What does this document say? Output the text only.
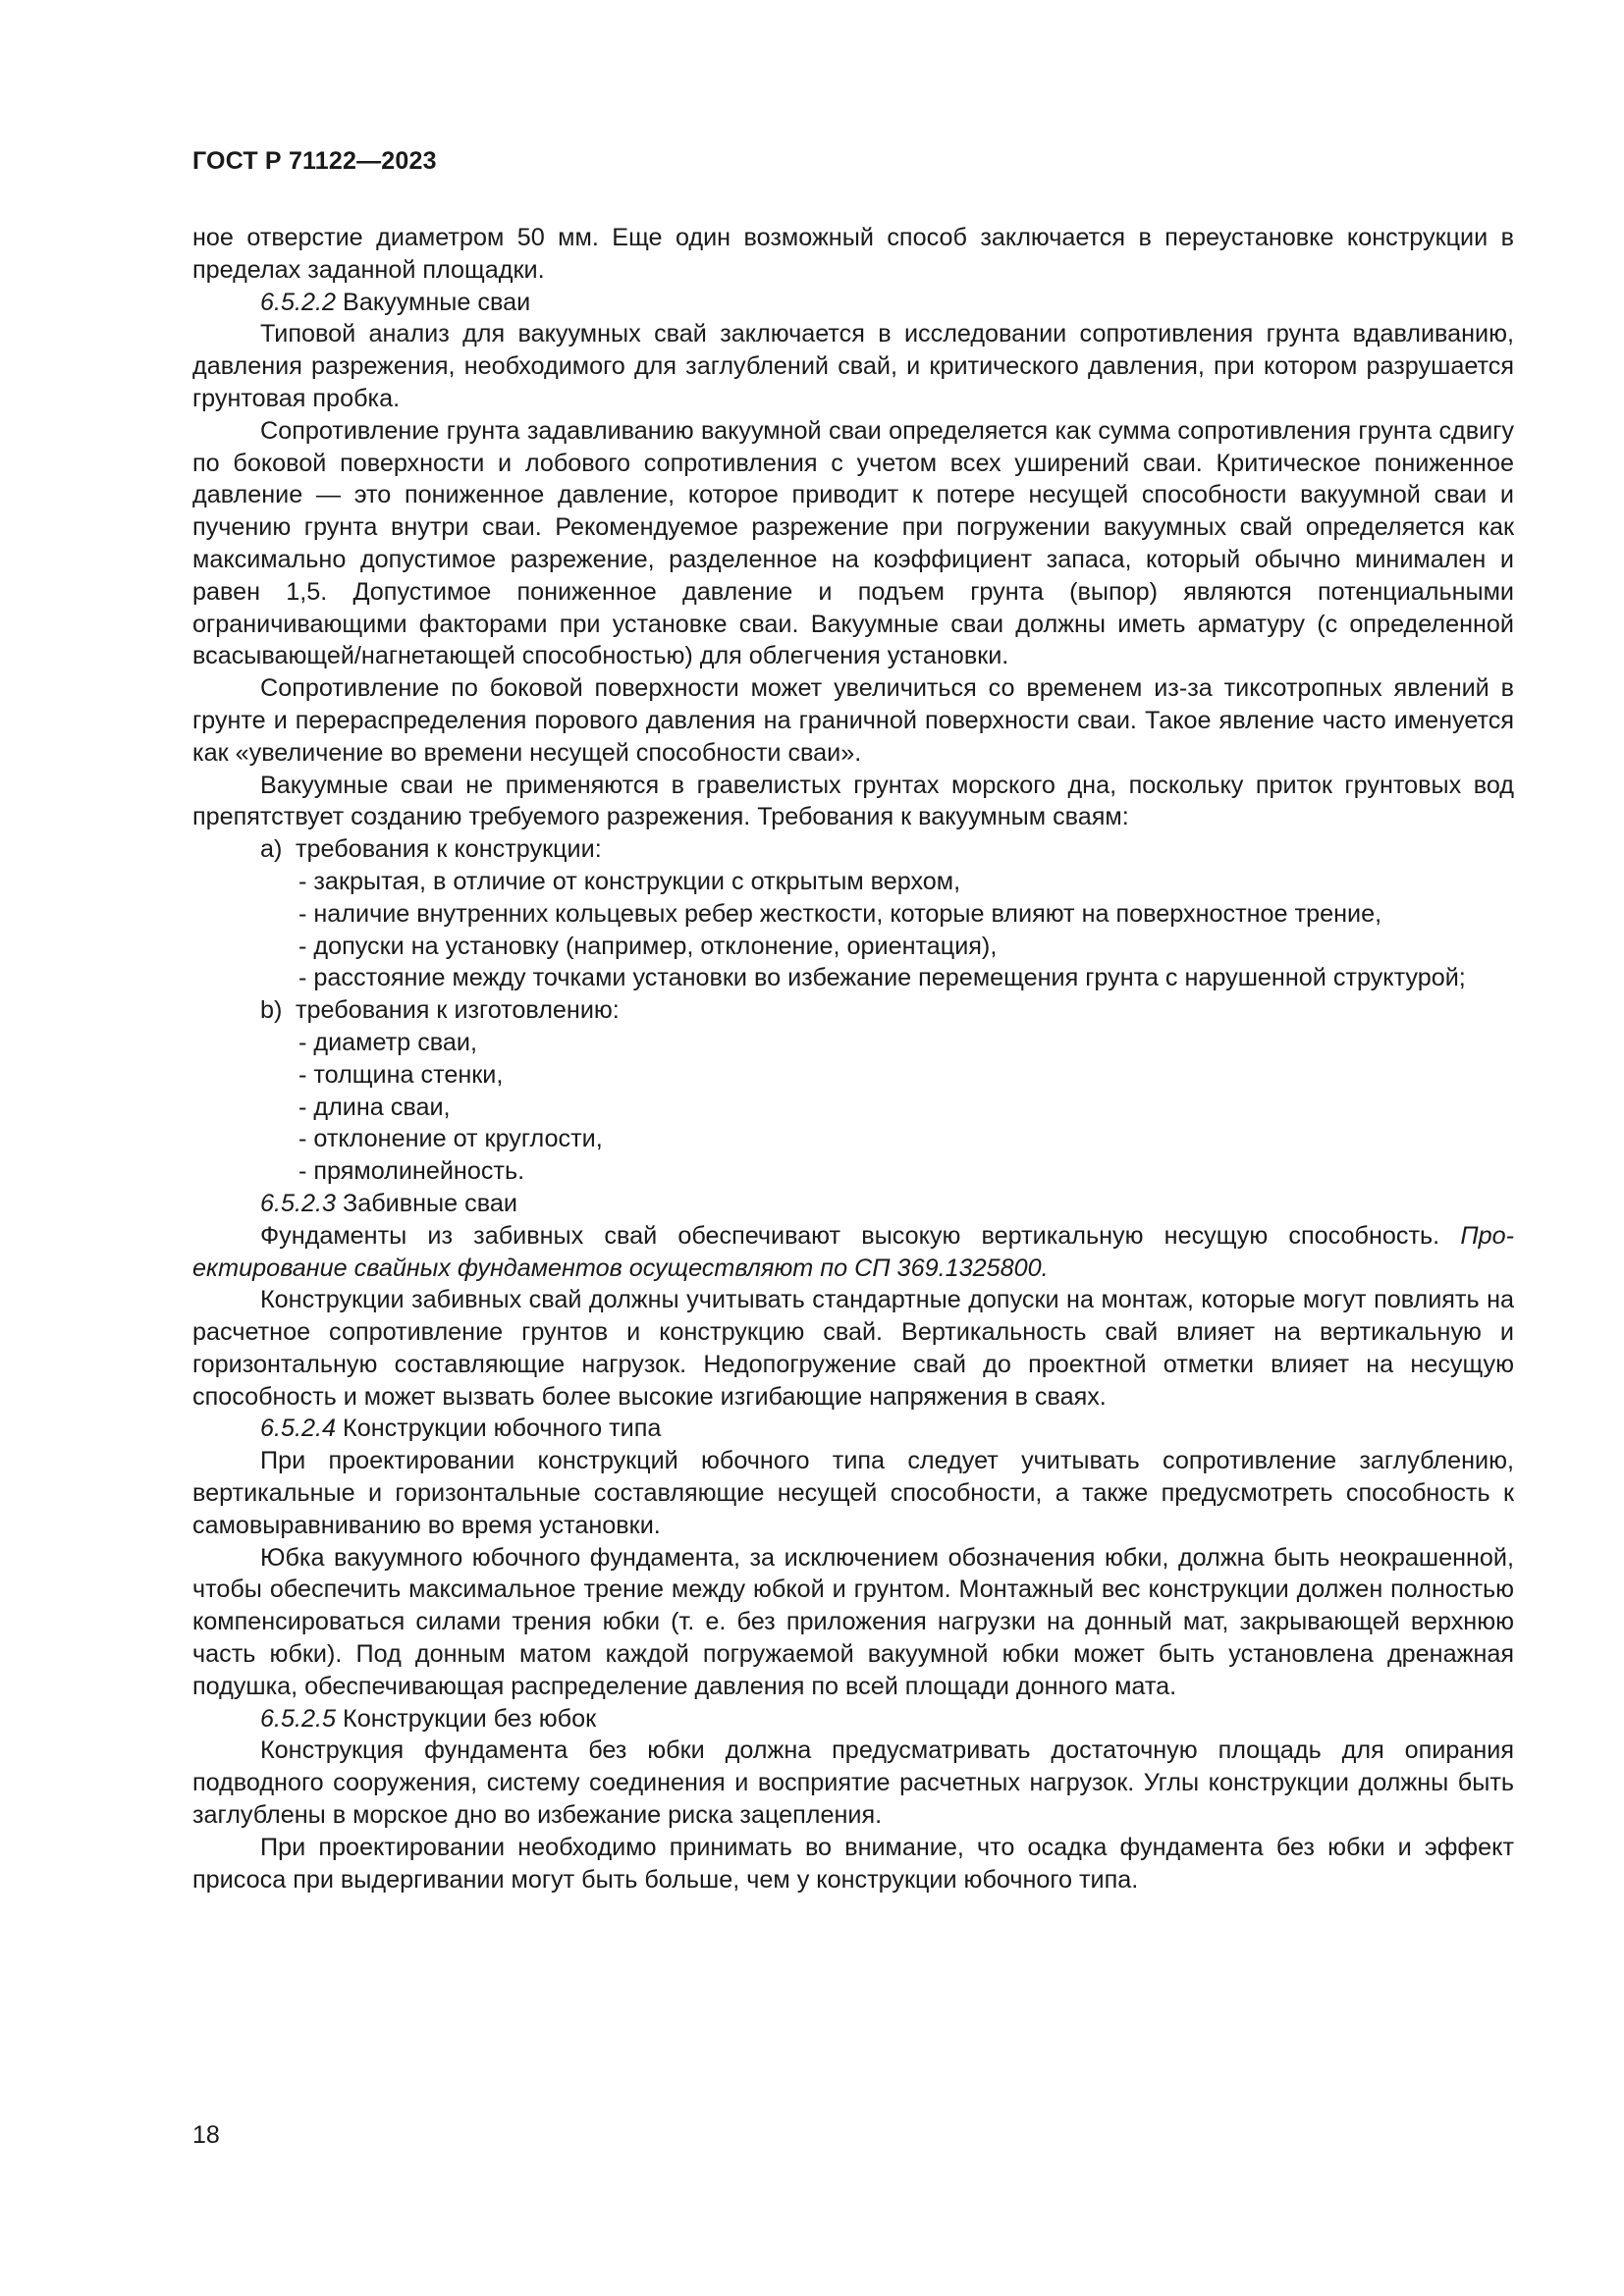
ГОСТ Р 71122—2023

ное отверстие диаметром 50 мм. Еще один возможный способ заключается в переустановке конструкции в пределах заданной площадки.

6.5.2.2 Вакуумные сваи

Типовой анализ для вакуумных свай заключается в исследовании сопротивления грунта вдавливанию, давления разрежения, необходимого для заглублений свай, и критического давления, при котором разрушается грунтовая пробка.

Сопротивление грунта задавливанию вакуумной сваи определяется как сумма сопротивления грунта сдвигу по боковой поверхности и лобового сопротивления с учетом всех уширений сваи. Критическое пониженное давление — это пониженное давление, которое приводит к потере несущей способности вакуумной сваи и пучению грунта внутри сваи. Рекомендуемое разрежение при погружении вакуумных свай определяется как максимально допустимое разрежение, разделенное на коэффициент запаса, который обычно минимален и равен 1,5. Допустимое пониженное давление и подъем грунта (выпор) являются потенциальными ограничивающими факторами при установке сваи. Вакуумные сваи должны иметь арматуру (с определенной всасывающей/нагнетающей способностью) для облегчения установки.

Сопротивление по боковой поверхности может увеличиться со временем из-за тиксотропных явлений в грунте и перераспределения порового давления на граничной поверхности сваи. Такое явление часто именуется как «увеличение во времени несущей способности сваи».

Вакуумные сваи не применяются в гравелистых грунтах морского дна, поскольку приток грунтовых вод препятствует созданию требуемого разрежения. Требования к вакуумным сваям:

а) требования к конструкции:

- закрытая, в отличие от конструкции с открытым верхом,

- наличие внутренних кольцевых ребер жесткости, которые влияют на поверхностное трение,

- допуски на установку (например, отклонение, ориентация),

- расстояние между точками установки во избежание перемещения грунта с нарушенной структурой;

b) требования к изготовлению:

- диаметр сваи,

- толщина стенки,

- длина сваи,

- отклонение от круглости,

- прямолинейность.

6.5.2.3 Забивные сваи

Фундаменты из забивных свай обеспечивают высокую вертикальную несущую способность. Проектирование свайных фундаментов осуществляют по СП 369.1325800.

Конструкции забивных свай должны учитывать стандартные допуски на монтаж, которые могут повлиять на расчетное сопротивление грунтов и конструкцию свай. Вертикальность свай влияет на вертикальную и горизонтальную составляющие нагрузок. Недопогружение свай до проектной отметки влияет на несущую способность и может вызвать более высокие изгибающие напряжения в сваях.

6.5.2.4 Конструкции юбочного типа

При проектировании конструкций юбочного типа следует учитывать сопротивление заглублению, вертикальные и горизонтальные составляющие несущей способности, а также предусмотреть способность к самовыравниванию во время установки.

Юбка вакуумного юбочного фундамента, за исключением обозначения юбки, должна быть неокрашенной, чтобы обеспечить максимальное трение между юбкой и грунтом. Монтажный вес конструкции должен полностью компенсироваться силами трения юбки (т. е. без приложения нагрузки на донный мат, закрывающей верхнюю часть юбки). Под донным матом каждой погружаемой вакуумной юбки может быть установлена дренажная подушка, обеспечивающая распределение давления по всей площади донного мата.

6.5.2.5 Конструкции без юбок

Конструкция фундамента без юбки должна предусматривать достаточную площадь для опирания подводного сооружения, систему соединения и восприятие расчетных нагрузок. Углы конструкции должны быть заглублены в морское дно во избежание риска зацепления.

При проектировании необходимо принимать во внимание, что осадка фундамента без юбки и эффект присоса при выдергивании могут быть больше, чем у конструкции юбочного типа.

18
